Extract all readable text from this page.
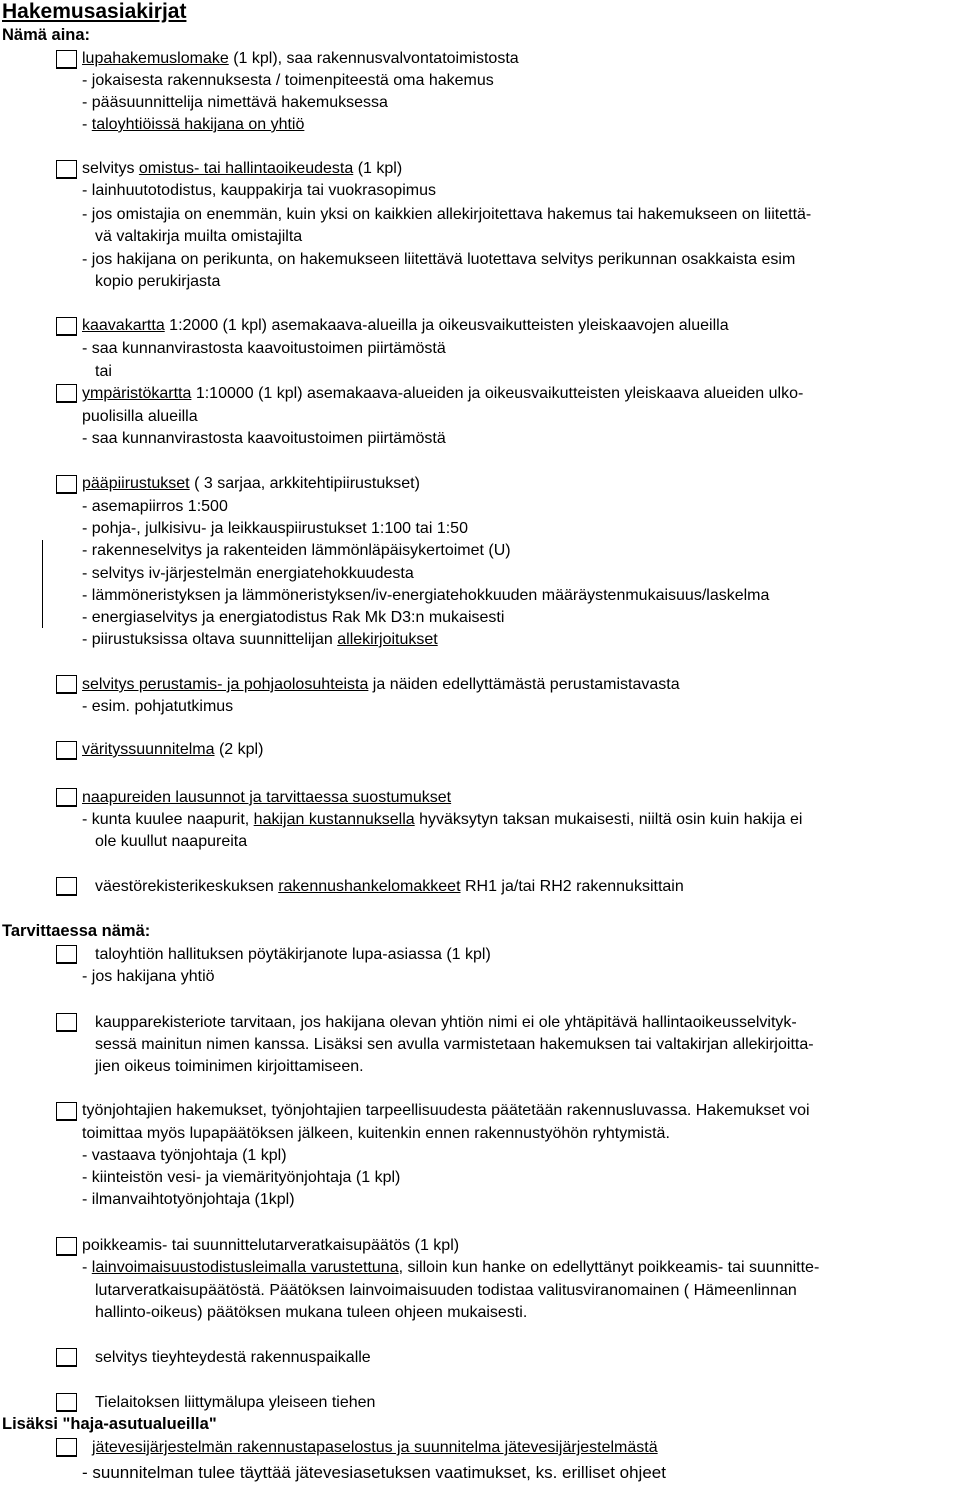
Hakemusasiakirjat
Nämä aina:
lupahakemuslomake (1 kpl), saa rakennusvalvontatoimistosta
- jokaisesta rakennuksesta / toimenpiteestä oma hakemus
- pääsuunnittelija nimettävä hakemuksessa
- taloyhtiöissä hakijana on yhtiö
selvitys omistus- tai hallintaoikeudesta (1 kpl)
- lainhuutotodistus, kauppakirja tai vuokrasopimus
- jos omistajia on enemmän, kuin yksi on kaikkien allekirjoitettava hakemus tai hakemukseen on liitettä-
vä valtakirja muilta omistajilta
- jos hakijana on perikunta, on hakemukseen liitettävä luotettava selvitys perikunnan osakkaista esim
kopio perukirjasta
kaavakartta 1:2000 (1 kpl) asemakaava-alueilla ja oikeusvaikutteisten yleiskaavojen alueilla
- saa kunnanvirastosta kaavoitustoimen piirtämöstä
tai
ympäristökartta 1:10000 (1 kpl) asemakaava-alueiden ja oikeusvaikutteisten yleiskaava alueiden ulko-
puolisilla alueilla
- saa kunnanvirastosta kaavoitustoimen piirtämöstä
pääpiirustukset ( 3 sarjaa, arkkitehtipiirustukset)
- asemapiirros 1:500
- pohja-, julkisivu- ja leikkauspiirustukset 1:100 tai 1:50
- rakenneselvitys ja rakenteiden lämmönläpäisykertoimet (U)
- selvitys iv-järjestelmän energiatehokkuudesta
- lämmöneristyksen ja lämmöneristyksen/iv-energiatehokkuuden määräystenmukaisuus/laskelma
- energiaselvitys ja energiatodistus Rak Mk D3:n mukaisesti
- piirustuksissa oltava suunnittelijan allekirjoitukset
selvitys perustamis- ja pohjaolosuhteista ja näiden edellyttämästä perustamistavasta
- esim. pohjatutkimus
värityssuunnitelma (2 kpl)
naapureiden lausunnot ja tarvittaessa suostumukset
- kunta kuulee naapurit, hakijan kustannuksella hyväksytyn taksan mukaisesti, niiltä osin kuin hakija ei
ole kuullut naapureita
väestörekisterikeskuksen rakennushankelomakkeet RH1 ja/tai RH2 rakennuksittain
Tarvittaessa nämä:
taloyhtiön hallituksen pöytäkirjanote lupa-asiassa (1 kpl)
- jos hakijana yhtiö
kaupparekisteriote tarvitaan, jos hakijana olevan yhtiön nimi ei ole yhtäpitävä hallintaoikeusselvityk-
sessä mainitun nimen kanssa. Lisäksi sen avulla varmistetaan hakemuksen tai valtakirjan allekirjoitta-
jien oikeus toiminimen kirjoittamiseen.
työnjohtajien hakemukset, työnjohtajien tarpeellisuudesta päätetään rakennusluvassa. Hakemukset voi
toimittaa myös lupapäätöksen jälkeen, kuitenkin ennen rakennustyöhön ryhtymistä.
- vastaava työnjohtaja (1 kpl)
- kiinteistön vesi- ja viemärityönjohtaja (1 kpl)
- ilmanvaihtotyönjohtaja (1kpl)
poikkeamis- tai suunnittelutarveratkaisupäätös (1 kpl)
- lainvoimaisuustodistusleimalla varustettuna, silloin kun hanke on edellyttänyt poikkeamis- tai suunnitte-
lutarveratkaisupäätöstä. Päätöksen lainvoimaisuuden todistaa valitusviranomainen ( Hämeenlinnan
hallinto-oikeus) päätöksen mukana tuleen ohjeen mukaisesti.
selvitys tieyhteydestä rakennuspaikalle
Tielaitoksen liittymälupa yleiseen tiehen
Lisäksi "haja-asutualueilla"
jätevesijärjestelmän rakennustapaselostus ja suunnitelma jätevesijärjestelmästä
- suunnitelman tulee täyttää jätevesiasetuksen vaatimukset, ks. erilliset ohjeet
